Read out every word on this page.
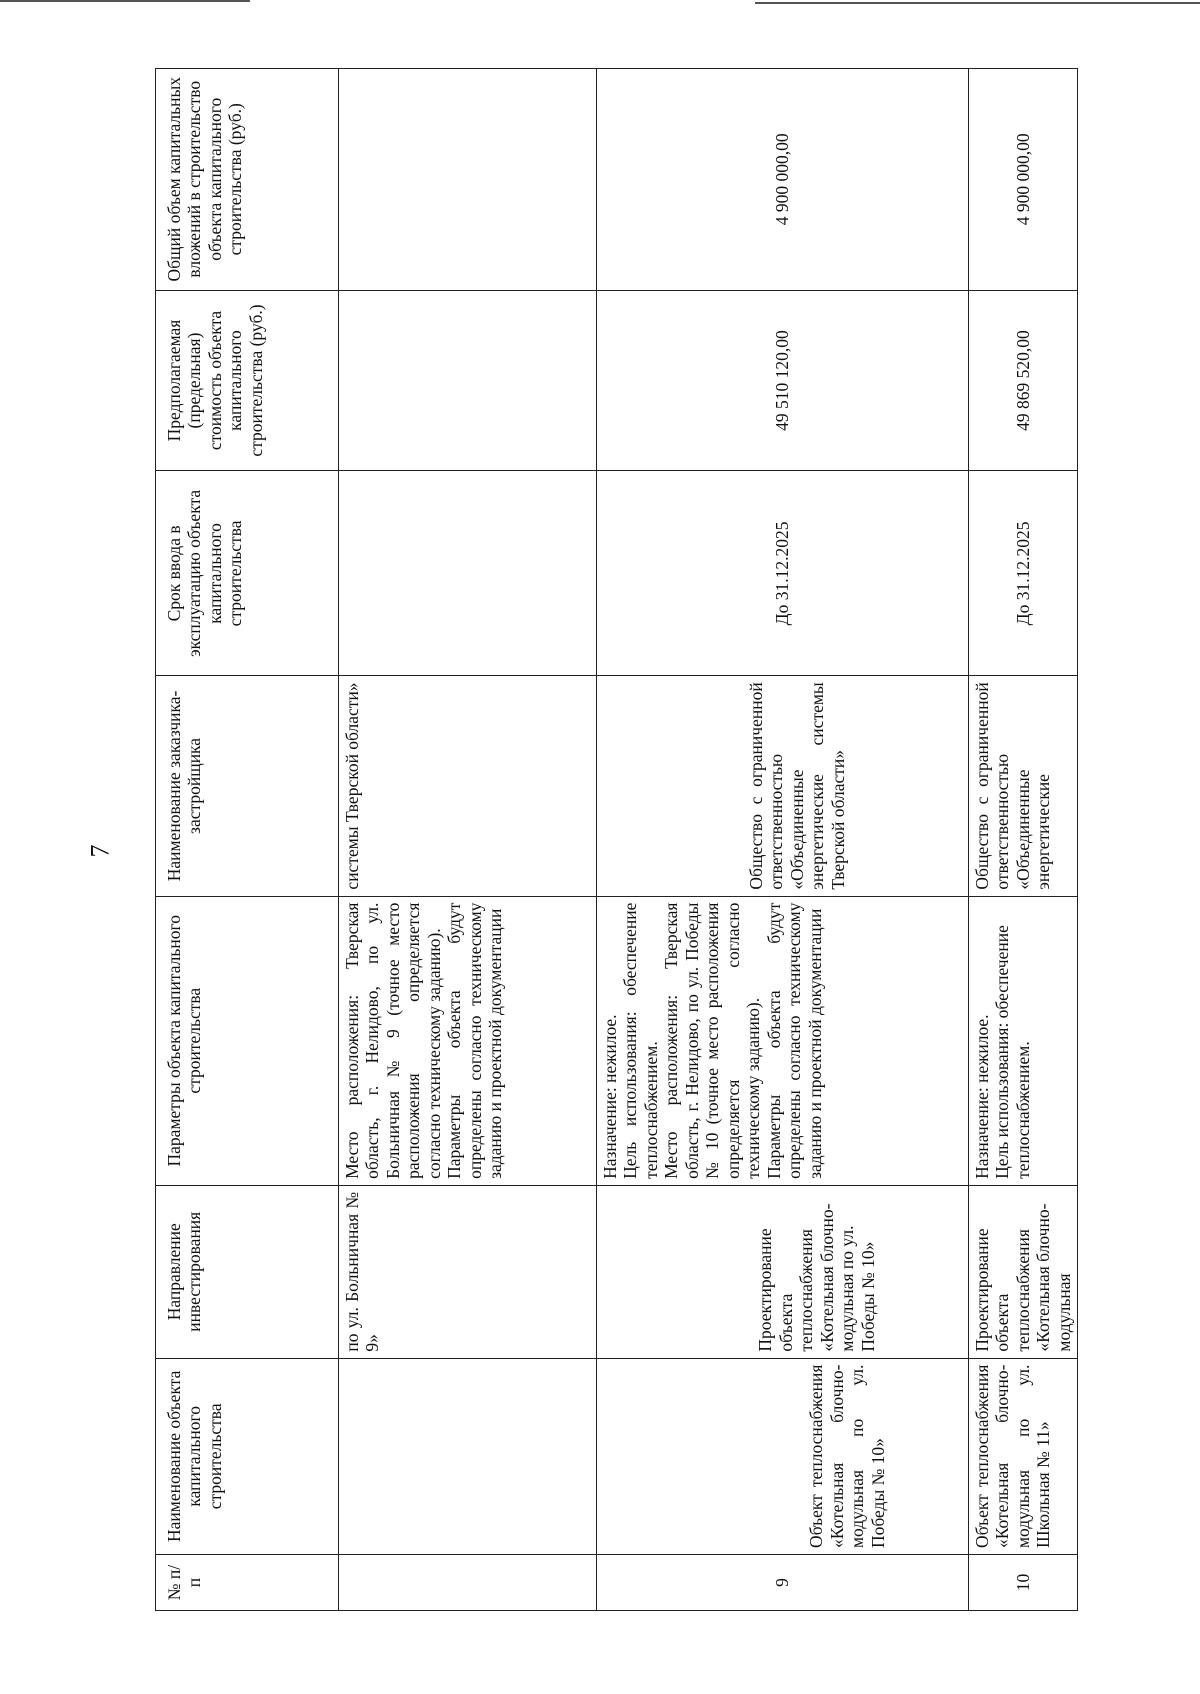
7
№ п/п	Наименование объекта капитального строительства	Направление инвестирования	Параметры объекта капитального строительства	Наименование заказчика-застройщика	Срок ввода в эксплуатацию объекта капитального строительства	Предполагаемая (предельная) стоимость объекта капитального строительства (руб.)	Общий объем капитальных вложений в строительство объекта капитального строительства (руб.)
		по ул. Больничная № 9»	Место расположения: Тверская область, г. Нелидово, по ул. Больничная № 9 (точное место расположения определяется согласно техническому заданию). Параметры объекта будут определены согласно техническому заданию и проектной документации	системы Тверской области»			
9	Объект теплоснабжения «Котельная блочно-модульная по ул. Победы № 10»	Проектирование объекта теплоснабжения «Котельная блочно-модульная по ул. Победы № 10»	Назначение: нежилое. Цель использования: обеспечение теплоснабжением. Место расположения: Тверская область, г. Нелидово, по ул. Победы № 10 (точное место расположения определяется согласно техническому заданию). Параметры объекта будут определены согласно техническому заданию и проектной документации	Общество с ограниченной ответственностью «Объединенные энергетические системы Тверской области»	До 31.12.2025	49 510 120,00	4 900 000,00
10	Объект теплоснабжения «Котельная блочно-модульная по ул. Школьная № 11»	Проектирование объекта теплоснабжения «Котельная блочно-модульная	Назначение: нежилое. Цель использования: обеспечение теплоснабжением.	Общество с ограниченной ответственностью «Объединенные энергетические	До 31.12.2025	49 869 520,00	4 900 000,00
